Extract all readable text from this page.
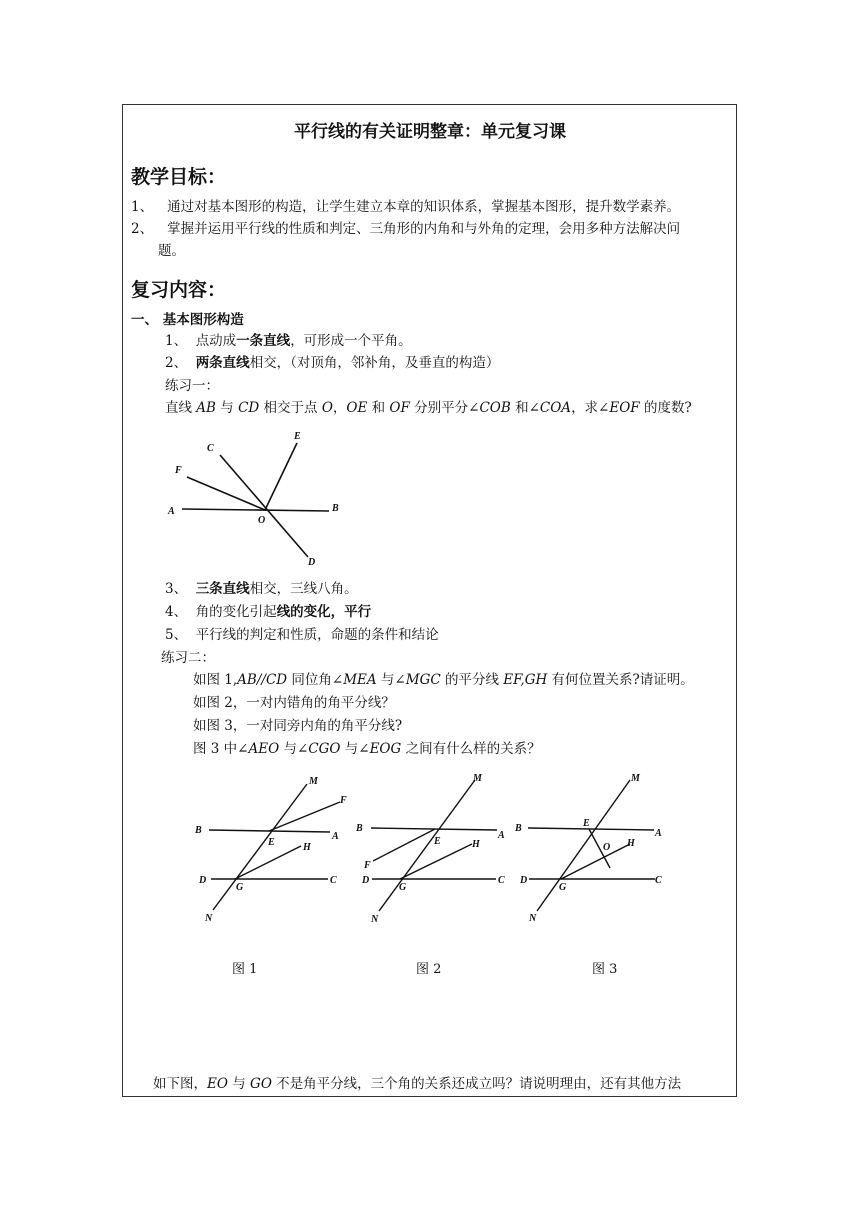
平行线的有关证明整章：单元复习课
教学目标：
1、 通过对基本图形的构造，让学生建立本章的知识体系，掌握基本图形，提升数学素养。
2、 掌握并运用平行线的性质和判定、三角形的内角和与外角的定理，会用多种方法解决问
题。
复习内容：
一、 基本图形构造
1、 点动成一条直线，可形成一个平角。
2、 两条直线相交，（对顶角，邻补角，及垂直的构造）
练习一：
直线 AB 与 CD 相交于点 O，OE 和 OF 分别平分∠COB 和∠COA，求∠EOF 的度数?
A	B
C
D
E
F
O
3、 三条直线相交，三线八角。
4、 角的变化引起线的变化，平行
5、 平行线的判定和性质，命题的条件和结论
练习二：
如图 1,AB//CD 同位角∠MEA 与∠MGC 的平分线 EF,GH 有何位置关系?请证明。
如图 2，一对内错角的角平分线？
如图 3，一对同旁内角的角平分线?
图 3 中∠AEO 与∠CGO 与∠EOG 之间有什么样的关系？
M
F
B
A
E	H
D
G
C
N
图 1
M
B
A
E	H
F
D
G
C
N
图 2
M
B	E
A
O H
D
G
C
N
图 3
如下图，EO 与 GO 不是角平分线，三个角的关系还成立吗？请说明理由，还有其他方法
